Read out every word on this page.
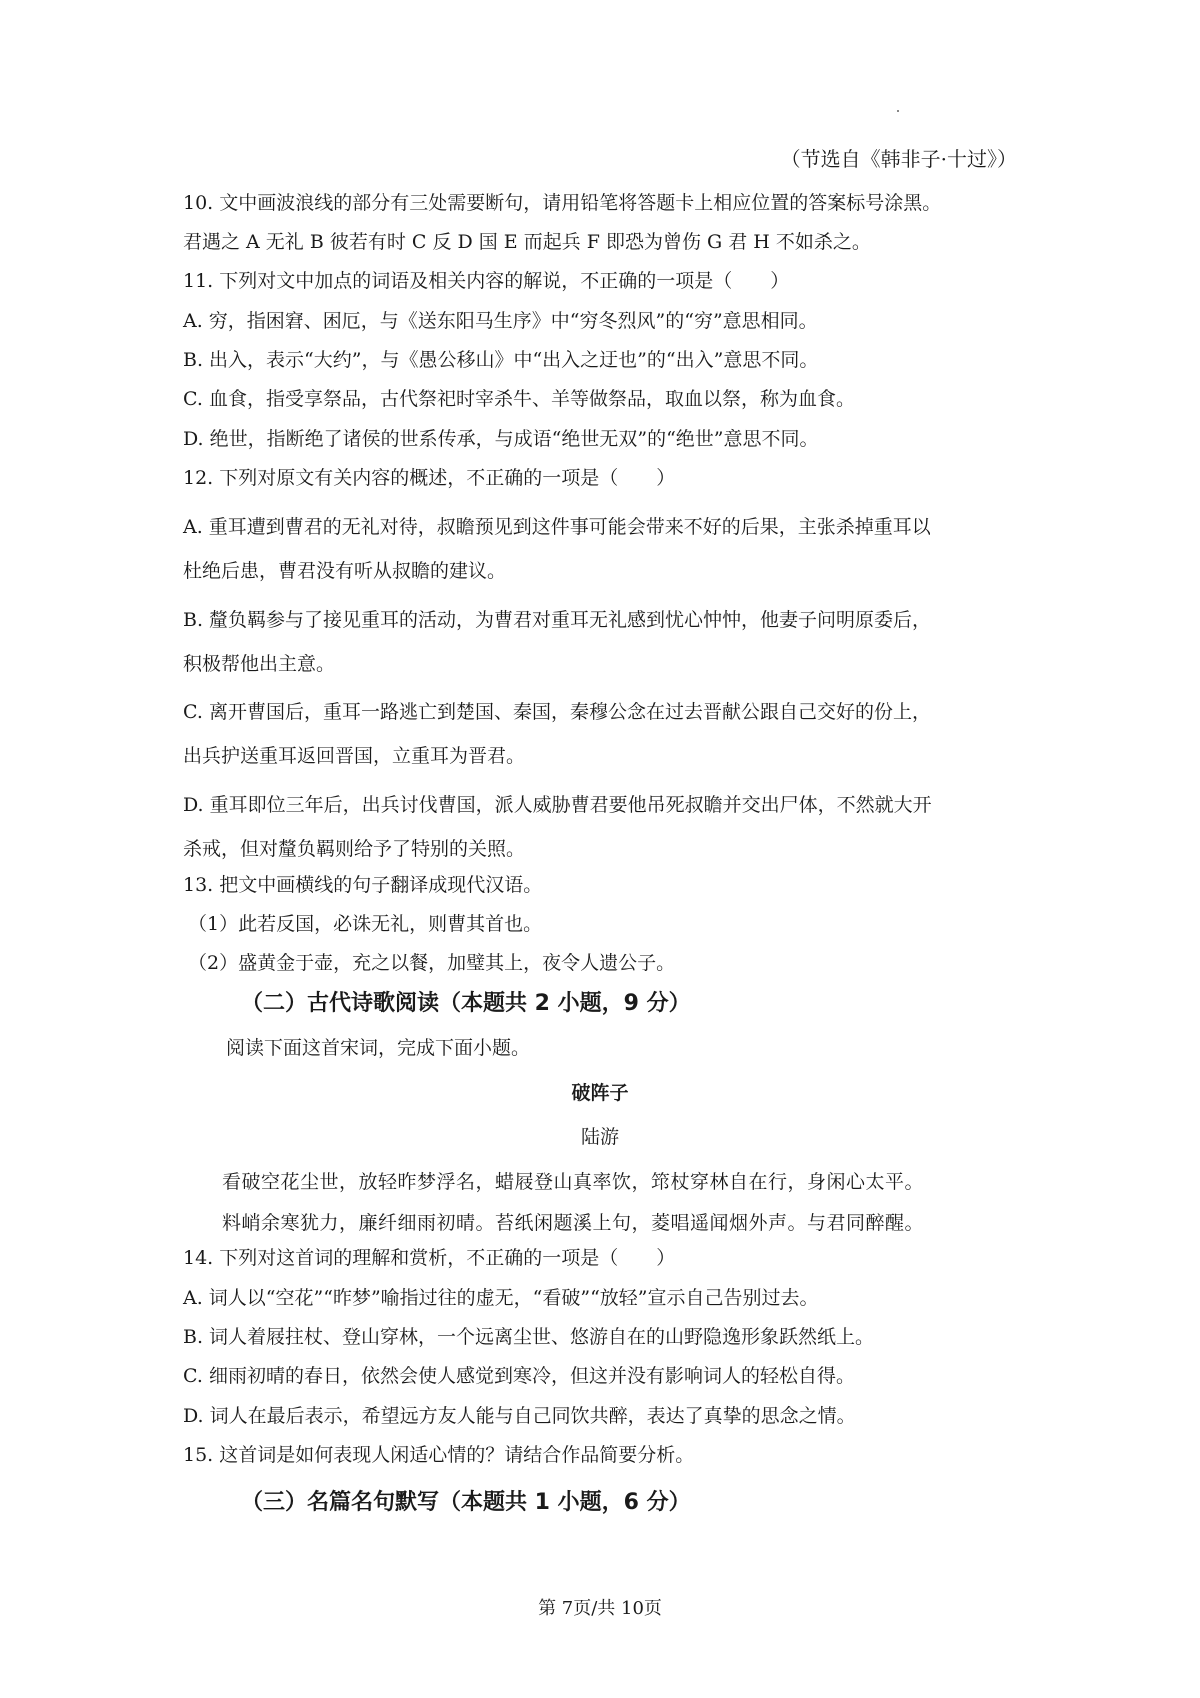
（节选自《韩非子·十过》）
10. 文中画波浪线的部分有三处需要断句，请用铅笔将答题卡上相应位置的答案标号涂黑。
君遇之 A 无礼 B 彼若有时 C 反 D 国 E 而起兵 F 即恐为曾伤 G 君 H 不如杀之。
11. 下列对文中加点的词语及相关内容的解说，不正确的一项是（　　）
A. 穷，指困窘、困厄，与《送东阳马生序》中“穷冬烈风”的“穷”意思相同。
B. 出入，表示“大约”，与《愚公移山》中“出入之迂也”的“出入”意思不同。
C. 血食，指受享祭品，古代祭祀时宰杀牛、羊等做祭品，取血以祭，称为血食。
D. 绝世，指断绝了诸侯的世系传承，与成语“绝世无双”的“绝世”意思不同。
12. 下列对原文有关内容的概述，不正确的一项是（　　）
A. 重耳遭到曹君的无礼对待，叔瞻预见到这件事可能会带来不好的后果，主张杀掉重耳以
杜绝后患，曹君没有听从叔瞻的建议。
B. 釐负羁参与了接见重耳的活动，为曹君对重耳无礼感到忧心忡忡，他妻子问明原委后，
积极帮他出主意。
C. 离开曹国后，重耳一路逃亡到楚国、秦国，秦穆公念在过去晋献公跟自己交好的份上，
出兵护送重耳返回晋国，立重耳为晋君。
D. 重耳即位三年后，出兵讨伐曹国，派人威胁曹君要他吊死叔瞻并交出尸体，不然就大开
杀戒，但对釐负羁则给予了特别的关照。
13. 把文中画横线的句子翻译成现代汉语。
（1）此若反国，必诛无礼，则曹其首也。
（2）盛黄金于壶，充之以餐，加璧其上，夜令人遗公子。
（二）古代诗歌阅读（本题共 2 小题，9 分）
阅读下面这首宋词，完成下面小题。
破阵子
陆游
看破空花尘世，放轻昨梦浮名，蜡屐登山真率饮，筇杖穿林自在行，身闲心太平。
料峭余寒犹力，廉纤细雨初晴。苔纸闲题溪上句，菱唱遥闻烟外声。与君同醉醒。
14. 下列对这首词的理解和赏析，不正确的一项是（　　）
A. 词人以“空花”“昨梦”喻指过往的虚无，“看破”“放轻”宣示自己告别过去。
B. 词人着屐拄杖、登山穿林，一个远离尘世、悠游自在的山野隐逸形象跃然纸上。
C. 细雨初晴的春日，依然会使人感觉到寒冷，但这并没有影响词人的轻松自得。
D. 词人在最后表示，希望远方友人能与自己同饮共醉，表达了真挚的思念之情。
15. 这首词是如何表现人闲适心情的？请结合作品简要分析。
（三）名篇名句默写（本题共 1 小题，6 分）
第 7页/共 10页
